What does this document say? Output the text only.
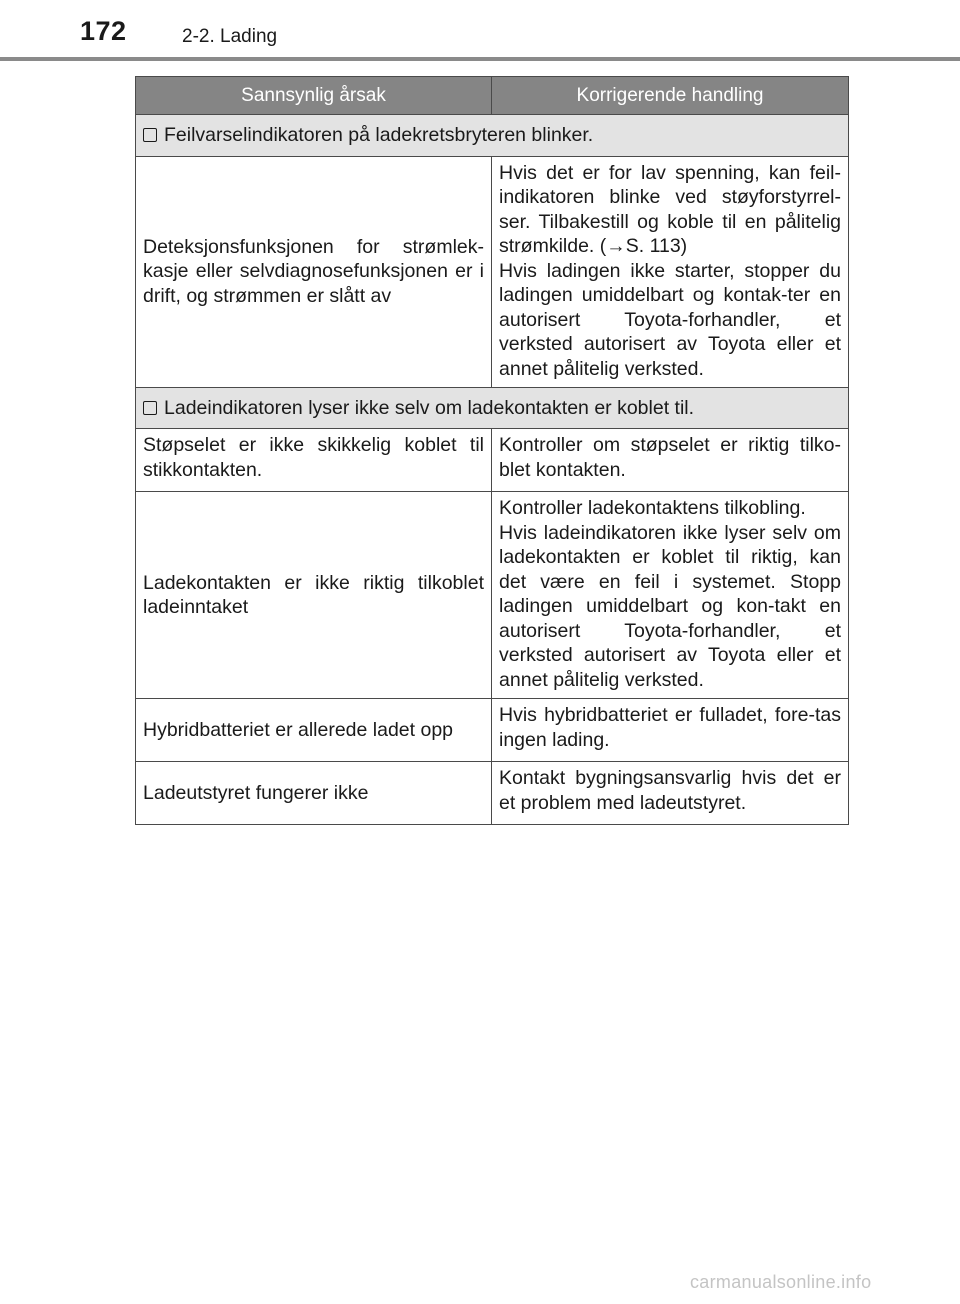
172	2-2. Lading
Sannsynlig årsak	Korrigerende handling
Feilvarselindikatoren på ladekretsbryteren blinker.	
Deteksjonsfunksjonen for strømlek-kasje eller selvdiagnosefunksjonen er i drift, og strømmen er slått av	Hvis det er for lav spenning, kan feil-indikatoren blinke ved støyforstyrrel-ser. Tilbakestill og koble til en pålitelig strømkilde. (→S. 113)
Hvis ladingen ikke starter, stopper du ladingen umiddelbart og kontak-ter en autorisert Toyota-forhandler, et verksted autorisert av Toyota eller et annet pålitelig verksted.

Ladeindikatoren lyser ikke selv om ladekontakten er koblet til.	
Støpselet er ikke skikkelig koblet til stikkontakten.	Kontroller om støpselet er riktig tilko-blet kontakten.

Ladekontakten er ikke riktig tilkoblet ladeinntaket	Kontroller ladekontaktens tilkobling.
Hvis ladeindikatoren ikke lyser selv om ladekontakten er koblet til riktig, kan det være en feil i systemet. Stopp ladingen umiddelbart og kon-takt en autorisert Toyota-forhandler, et verksted autorisert av Toyota eller et annet pålitelig verksted.

Hybridbatteriet er allerede ladet opp	Hvis hybridbatteriet er fulladet, fore-tas ingen lading.

Ladeutstyret fungerer ikke	Kontakt bygningsansvarlig hvis det er et problem med ladeutstyret.
carmanualsonline.info
